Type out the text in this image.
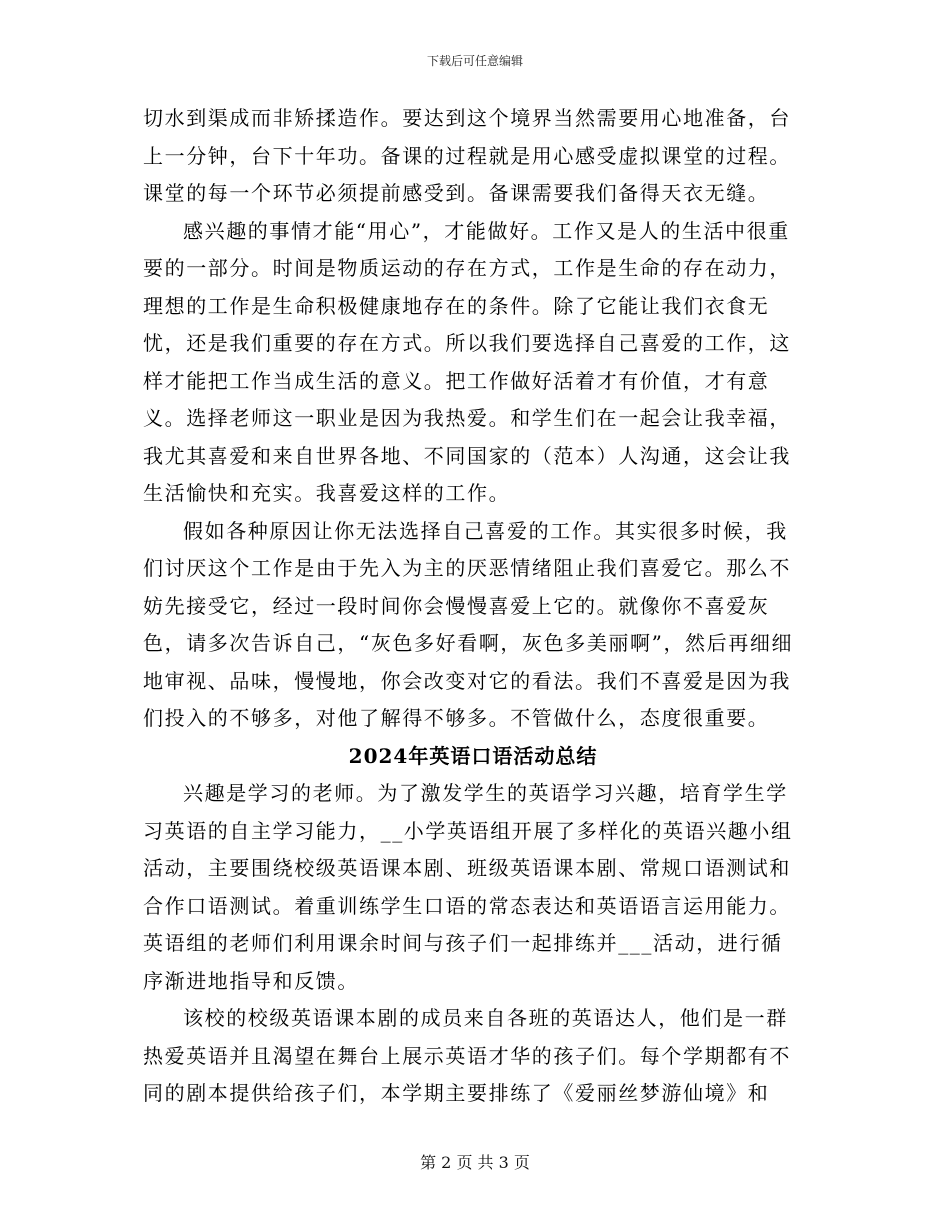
下载后可任意编辑

切水到渠成而非矫揉造作。要达到这个境界当然需要用心地准备，台上一分钟，台下十年功。备课的过程就是用心感受虚拟课堂的过程。课堂的每一个环节必须提前感受到。备课需要我们备得天衣无缝。

感兴趣的事情才能“用心”，才能做好。工作又是人的生活中很重要的一部分。时间是物质运动的存在方式，工作是生命的存在动力，理想的工作是生命积极健康地存在的条件。除了它能让我们衣食无忧，还是我们重要的存在方式。所以我们要选择自己喜爱的工作，这样才能把工作当成生活的意义。把工作做好活着才有价值，才有意义。选择老师这一职业是因为我热爱。和学生们在一起会让我幸福，我尤其喜爱和来自世界各地、不同国家的（范本）人沟通，这会让我生活愉快和充实。我喜爱这样的工作。

假如各种原因让你无法选择自己喜爱的工作。其实很多时候，我们讨厌这个工作是由于先入为主的厌恶情绪阻止我们喜爱它。那么不妨先接受它，经过一段时间你会慢慢喜爱上它的。就像你不喜爱灰色，请多次告诉自己，“灰色多好看啊，灰色多美丽啊”，然后再细细地审视、品味，慢慢地，你会改变对它的看法。我们不喜爱是因为我们投入的不够多，对他了解得不够多。不管做什么，态度很重要。

2024年英语口语活动总结

兴趣是学习的老师。为了激发学生的英语学习兴趣，培育学生学习英语的自主学习能力，__小学英语组开展了多样化的英语兴趣小组活动，主要围绕校级英语课本剧、班级英语课本剧、常规口语测试和合作口语测试。着重训练学生口语的常态表达和英语语言运用能力。英语组的老师们利用课余时间与孩子们一起排练并___活动，进行循序渐进地指导和反馈。

该校的校级英语课本剧的成员来自各班的英语达人，他们是一群热爱英语并且渴望在舞台上展示英语才华的孩子们。每个学期都有不同的剧本提供给孩子们，本学期主要排练了《爱丽丝梦游仙境》和

第 2 页 共 3 页
